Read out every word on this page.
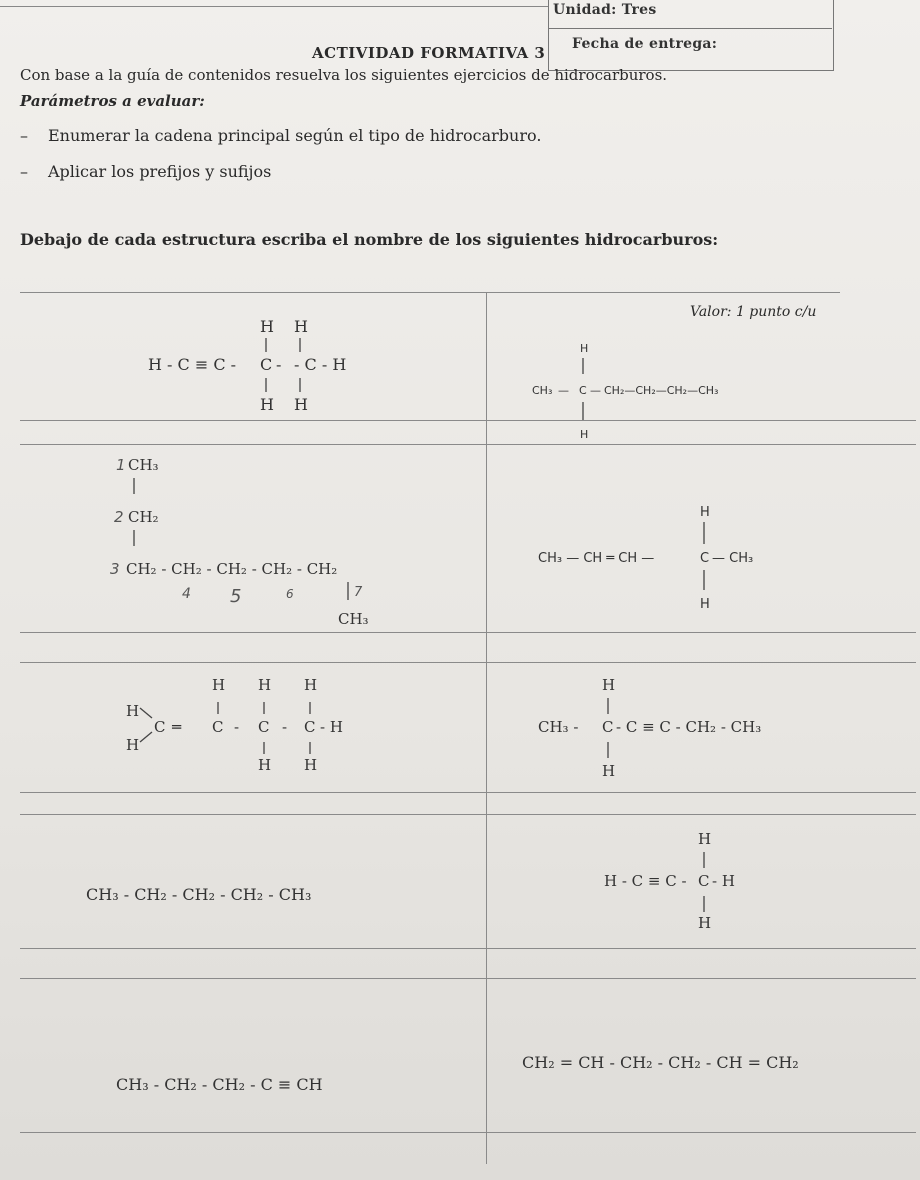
Unidad: Tres
Fecha de entrega:
ACTIVIDAD FORMATIVA 3
Con base a la guía de contenidos resuelva los siguientes ejercicios de hidrocarburos.
Parámetros a evaluar:
– Enumerar la cadena principal según el tipo de hidrocarburo.
– Aplicar los prefijos y sufijos
Debajo de cada estructura escriba el nombre de los siguientes hidrocarburos:
Valor: 1 punto c/u
H H
H - C ≡ C - C - - C - H
H H
H
CH₃ — C — CH₂—CH₂—CH₂—CH₃
H
1 CH₃
2 CH₂
3 CH₂ - CH₂ - CH₂ - CH₂ - CH₂
4 5	6	7
CH₃
H
CH₃ — CH ═ CH —	C — CH₃
H
H H H
H
H
C ═ C - C - C - H
H H
H
CH₃ - C - C ≡ C - CH₂ - CH₃
H
CH₃ - CH₂ - CH₂ - CH₂ - CH₃
H
H - C ≡ C - C - H
H
CH₃ - CH₂ - CH₂ - C ≡ CH
CH₂ = CH - CH₂ - CH₂ - CH = CH₂
